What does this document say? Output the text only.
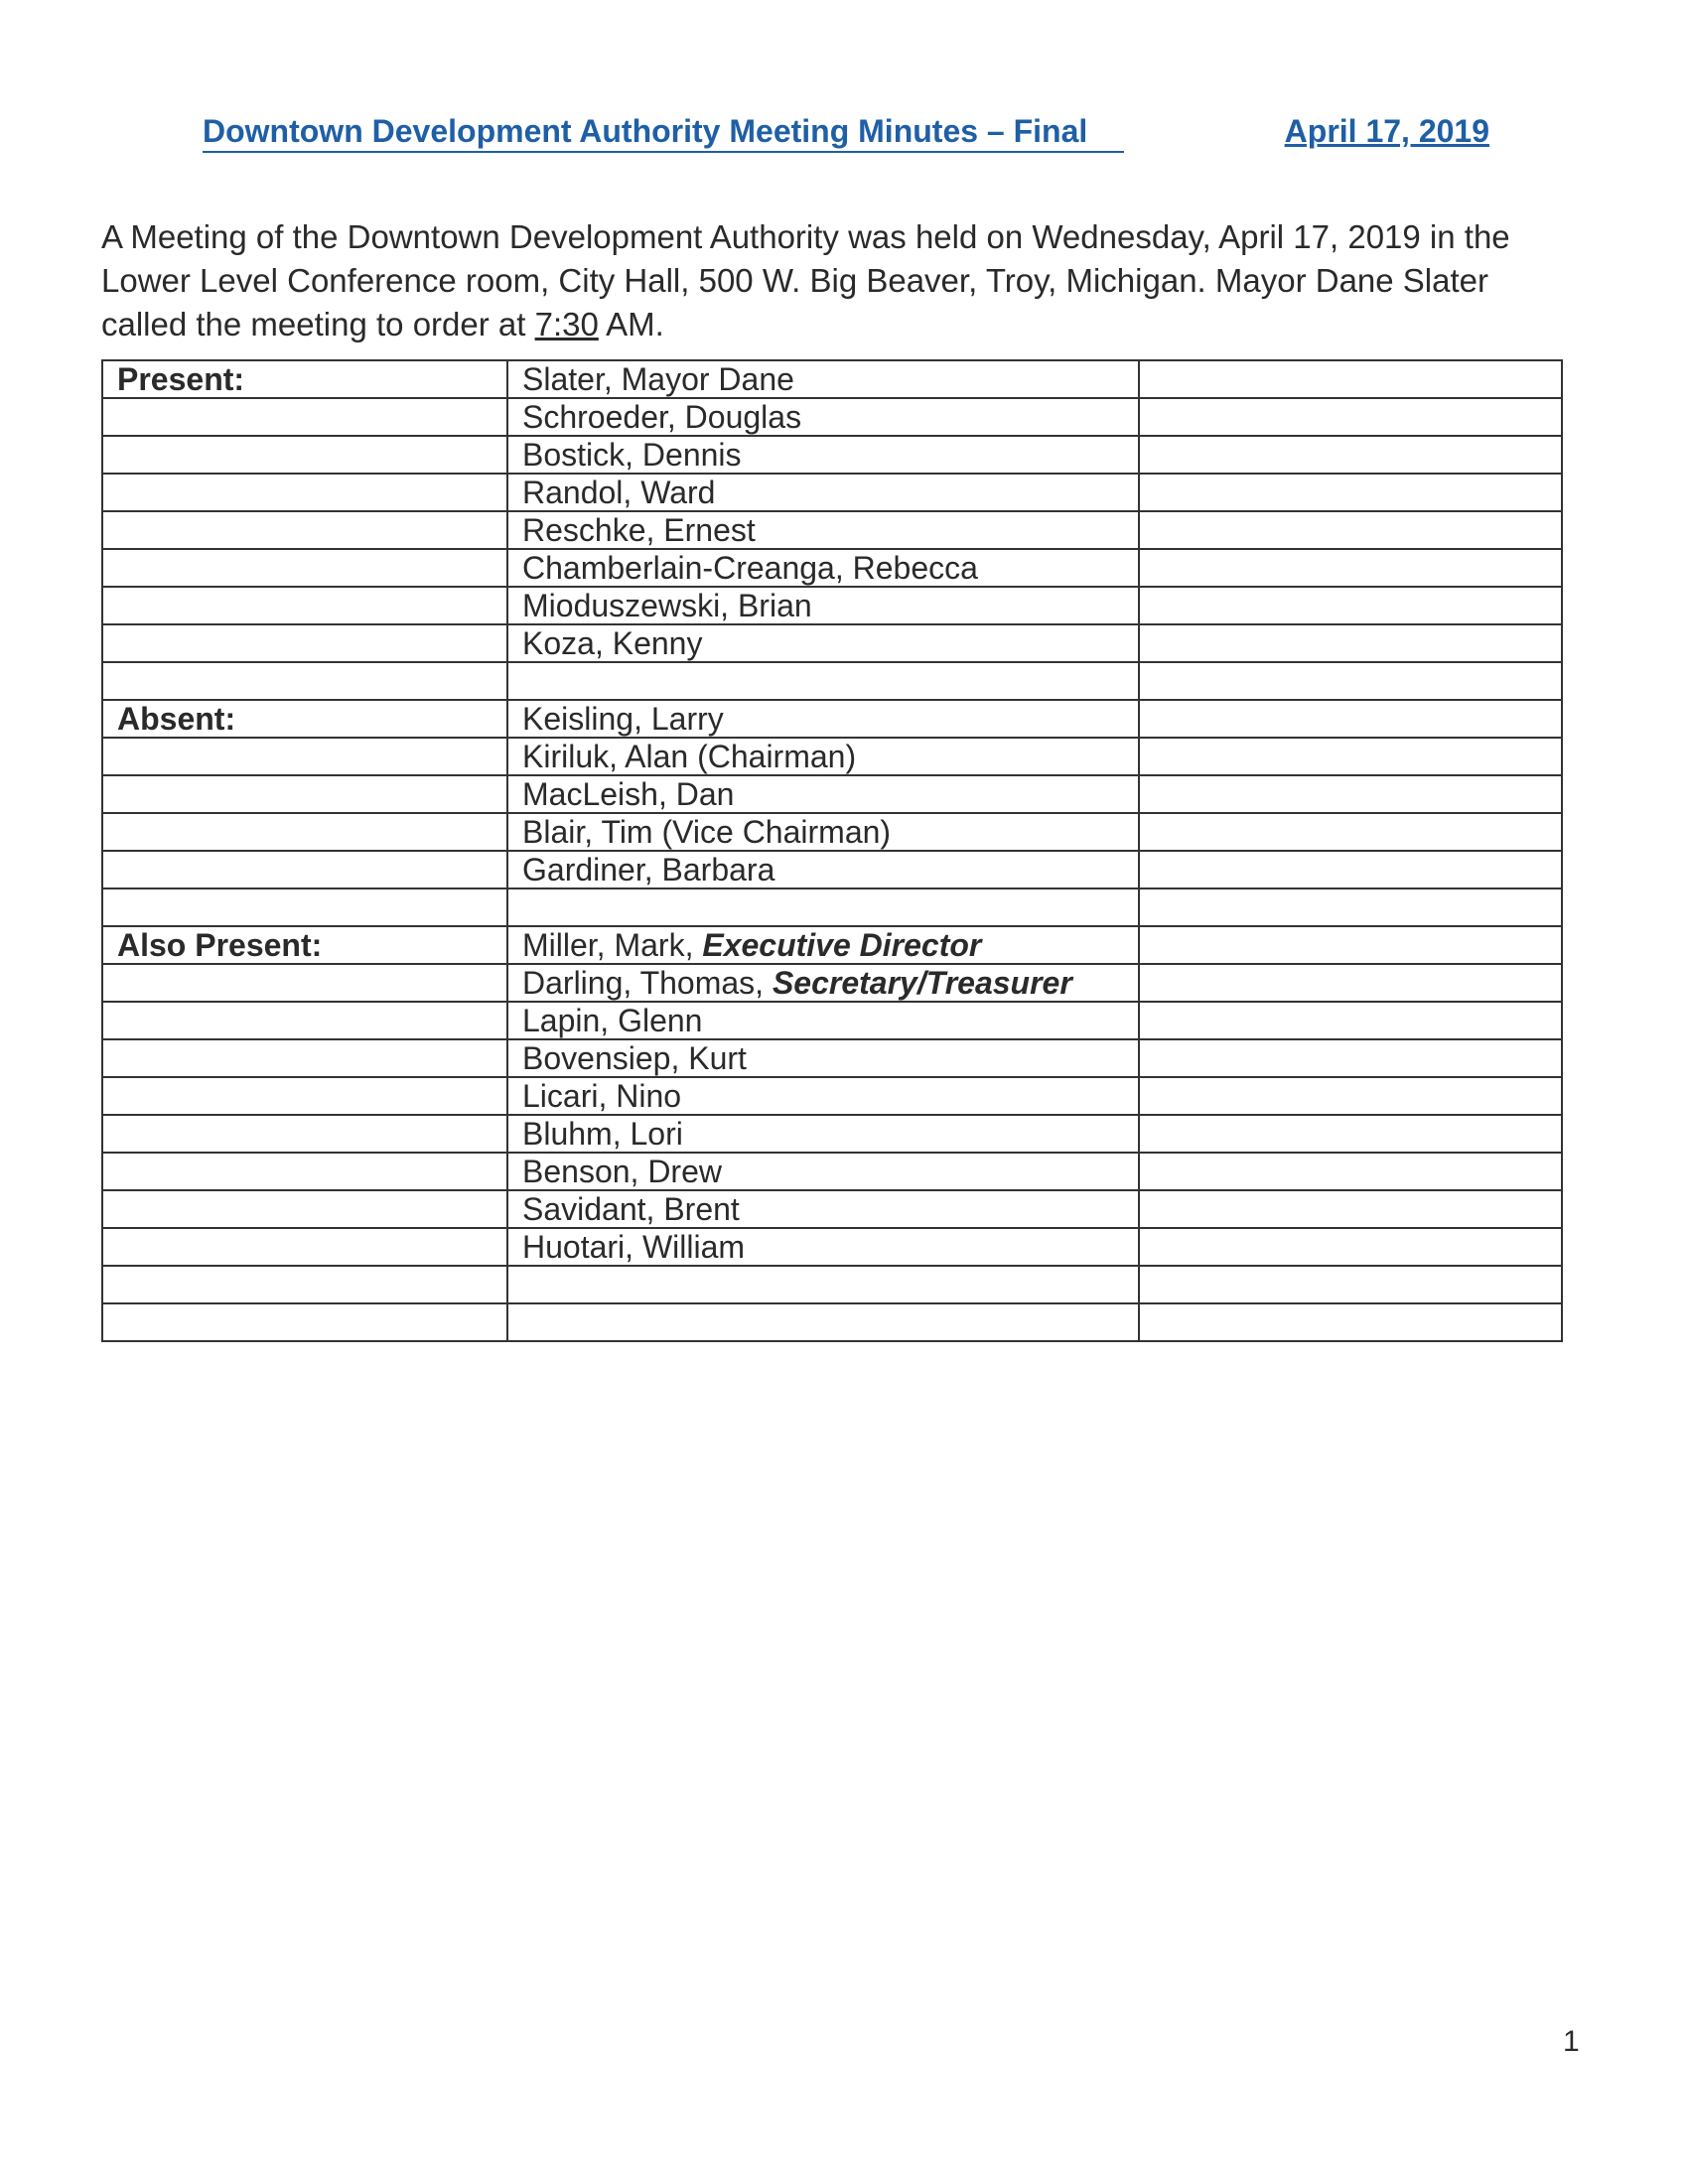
Downtown Development Authority Meeting Minutes – Final	April 17, 2019

A Meeting of the Downtown Development Authority was held on Wednesday, April 17, 2019 in the Lower Level Conference room, City Hall, 500 W. Big Beaver, Troy, Michigan. Mayor Dane Slater called the meeting to order at 7:30 AM.

Present:	Slater, Mayor Dane	
	Schroeder, Douglas	
	Bostick, Dennis	
	Randol, Ward	
	Reschke, Ernest	
	Chamberlain-Creanga, Rebecca	
	Mioduszewski, Brian	
	Koza, Kenny	

Absent:	Keisling, Larry	
	Kiriluk, Alan (Chairman)	
	MacLeish, Dan	
	Blair, Tim (Vice Chairman)	
	Gardiner, Barbara	

Also Present:	Miller, Mark, Executive Director	
	Darling, Thomas, Secretary/Treasurer	
	Lapin, Glenn	
	Bovensiep, Kurt	
	Licari, Nino	
	Bluhm, Lori	
	Benson, Drew	
	Savidant, Brent	
	Huotari, William	

1
